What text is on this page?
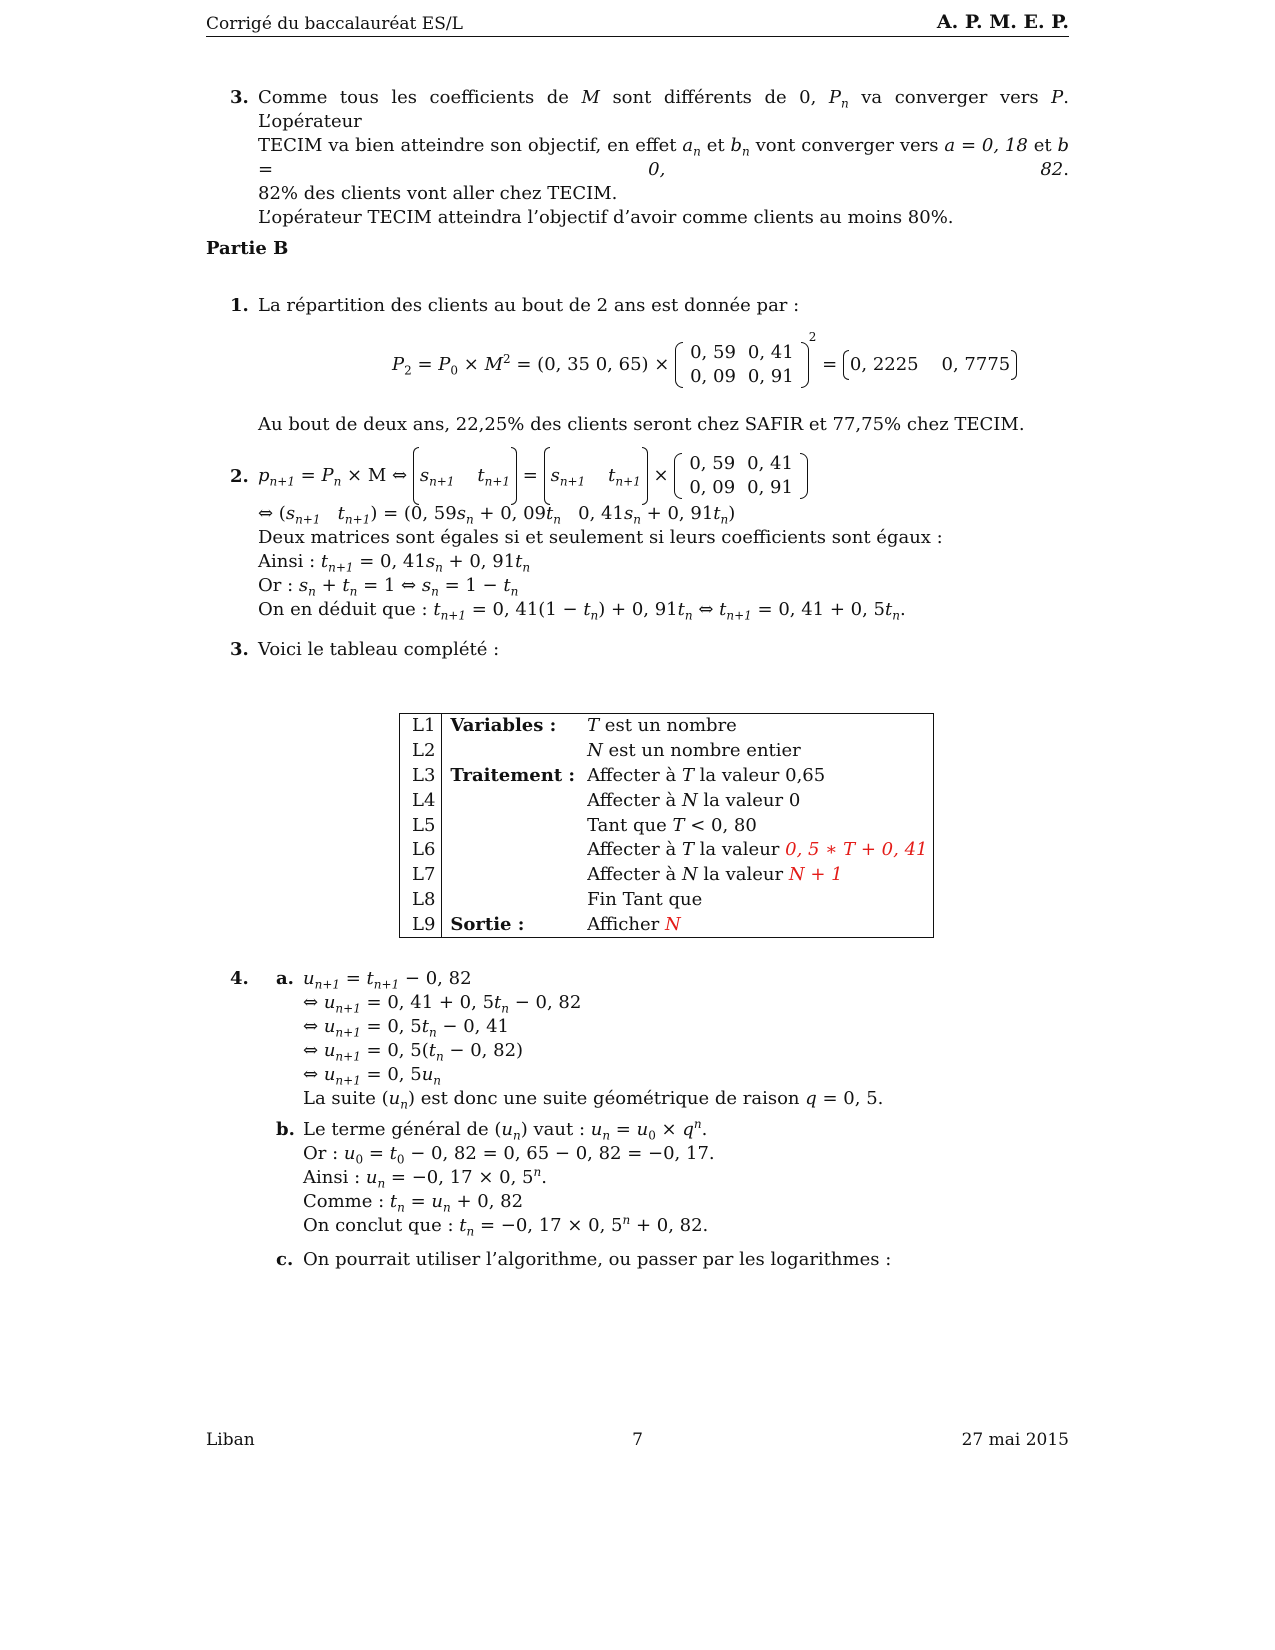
Corrigé du baccalauréat ES/L	A. P. M. E. P.
3. Comme tous les coefficients de M sont différents de 0, $P_n$ va converger vers P. L’opérateur
TECIM va bien atteindre son objectif, en effet $a_n$ et $b_n$ vont converger vers a = 0, 18 et b = 0, 82.
82% des clients vont aller chez TECIM.
L’opérateur TECIM atteindra l’objectif d’avoir comme clients au moins 80%.
Partie B
1. La répartition des clients au bout de 2 ans est donnée par :
$P_2 = P_0 \times M^2 = (0$, 35 0, 65) ×
0, 59	0, 41
0, 09	0, 91
$^2$ = 0, 2225 0, 7775
Au bout de deux ans, 22,25% des clients seront chez SAFIR et 77,75% chez TECIM.
2. $p_{n+1} = P_n \times M$ ⇔ $s_{n+1}$ $t_{n+1} = s_{n+1}$ $t_{n+1}$ ×
0, 59	0, 41
0, 09	0, 91
⇔ ($s_{n+1}$ $t_{n+1}) = (0$, $59s_n + 0$, $09t_n$ 0, $41s_n + 0$, $91t_n$)
Deux matrices sont égales si et seulement si leurs coefficients sont égaux :
Ainsi : $t_{n+1} = 0$, $41s_n + 0$, $91t_n$
Or : $s_n + t_n = 1$ ⇔ $s_n = 1 - t_n$
On en déduit que : $t_{n+1} = 0$, $41(1 - t_n) + 0$, $91t_n$ ⇔ $t_{n+1} = 0$, 41 + 0, $5t_n$.
3. Voici le tableau complété :
L1	Variables :	T est un nombre
L2		N est un nombre entier
L3	Traitement :	Affecter à T la valeur 0,65
L4		Affecter à N la valeur 0
L5		Tant que T < 0, 80
L6		Affecter à T la valeur 0, 5 ∗ T + 0, 41
L7		Affecter à N la valeur N + 1
L8		Fin Tant que
L9	Sortie :	Afficher N
4. a. $u_{n+1} = t_{n+1} - 0$, 82
⇔ $u_{n+1} = 0$, 41 + 0, $5t_n - 0$, 82
⇔ $u_{n+1} = 0$, $5t_n - 0$, 41
⇔ $u_{n+1} = 0$, $5(t_n - 0$, 82)
⇔ $u_{n+1} = 0$, $5u_n$
La suite $(u_n)$ est donc une suite géométrique de raison q = 0, 5.
b. Le terme général de $(u_n)$ vaut : $u_n = u_0 \times q^n$.
Or : $u_0 = t_0 - 0$, 82 = 0, 65 − 0, 82 = −0, 17.
Ainsi : $u_n = -0$, 17 × 0, 5$^n$.
Comme : $t_n = u_n + 0$, 82
On conclut que : $t_n = -0$, 17 × 0, $5^n + 0$, 82.
c. On pourrait utiliser l’algorithme, ou passer par les logarithmes :
Liban	7	27 mai 2015
